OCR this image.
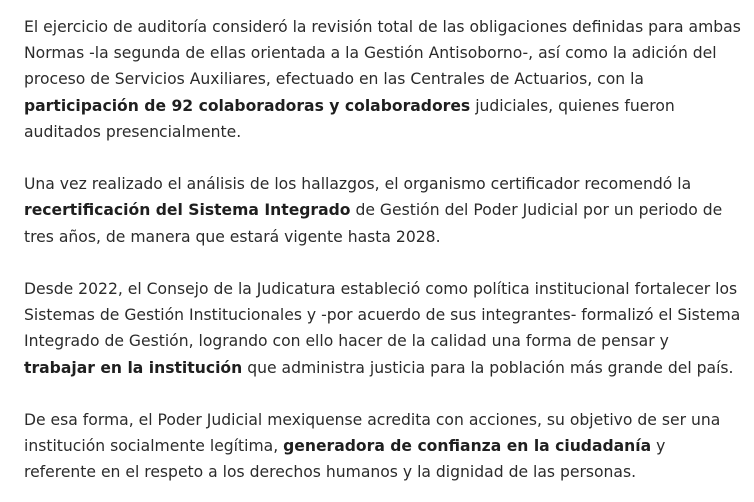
El ejercicio de auditoría consideró la revisión total de las obligaciones definidas para ambas Normas -la segunda de ellas orientada a la Gestión Antisoborno-, así como la adición del proceso de Servicios Auxiliares, efectuado en las Centrales de Actuarios, con la participación de 92 colaboradoras y colaboradores judiciales, quienes fueron auditados presencialmente.

Una vez realizado el análisis de los hallazgos, el organismo certificador recomendó la recertificación del Sistema Integrado de Gestión del Poder Judicial por un periodo de tres años, de manera que estará vigente hasta 2028.

Desde 2022, el Consejo de la Judicatura estableció como política institucional fortalecer los Sistemas de Gestión Institucionales y -por acuerdo de sus integrantes- formalizó el Sistema Integrado de Gestión, logrando con ello hacer de la calidad una forma de pensar y trabajar en la institución que administra justicia para la población más grande del país.

De esa forma, el Poder Judicial mexiquense acredita con acciones, su objetivo de ser una institución socialmente legítima, generadora de confianza en la ciudadanía y referente en el respeto a los derechos humanos y la dignidad de las personas.
